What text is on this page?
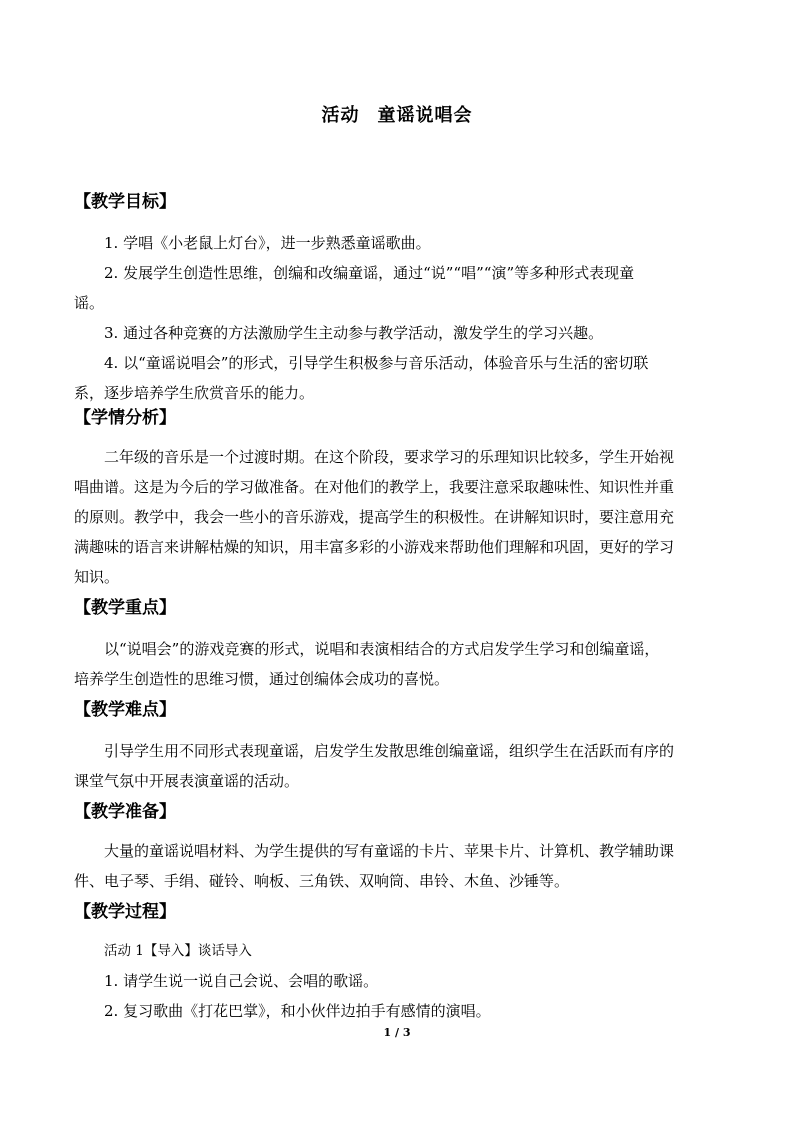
活动 童谣说唱会
【教学目标】
1. 学唱《小老鼠上灯台》，进一步熟悉童谣歌曲。
2. 发展学生创造性思维，创编和改编童谣，通过“说”“唱”“演”等多种形式表现童
谣。
3. 通过各种竞赛的方法激励学生主动参与教学活动，激发学生的学习兴趣。
4. 以“童谣说唱会”的形式，引导学生积极参与音乐活动，体验音乐与生活的密切联
系，逐步培养学生欣赏音乐的能力。
【学情分析】
二年级的音乐是一个过渡时期。在这个阶段，要求学习的乐理知识比较多，学生开始视
唱曲谱。这是为今后的学习做准备。在对他们的教学上，我要注意采取趣味性、知识性并重
的原则。教学中，我会一些小的音乐游戏，提高学生的积极性。在讲解知识时，要注意用充
满趣味的语言来讲解枯燥的知识，用丰富多彩的小游戏来帮助他们理解和巩固，更好的学习
知识。
【教学重点】
以“说唱会”的游戏竞赛的形式，说唱和表演相结合的方式启发学生学习和创编童谣，
培养学生创造性的思维习惯，通过创编体会成功的喜悦。
【教学难点】
引导学生用不同形式表现童谣，启发学生发散思维创编童谣，组织学生在活跃而有序的
课堂气氛中开展表演童谣的活动。
【教学准备】
大量的童谣说唱材料、为学生提供的写有童谣的卡片、苹果卡片、计算机、教学辅助课
件、电子琴、手绢、碰铃、响板、三角铁、双响筒、串铃、木鱼、沙锤等。
【教学过程】
活动 1【导入】谈话导入
1. 请学生说一说自己会说、会唱的歌谣。
2. 复习歌曲《打花巴掌》，和小伙伴边拍手有感情的演唱。
1 / 3
